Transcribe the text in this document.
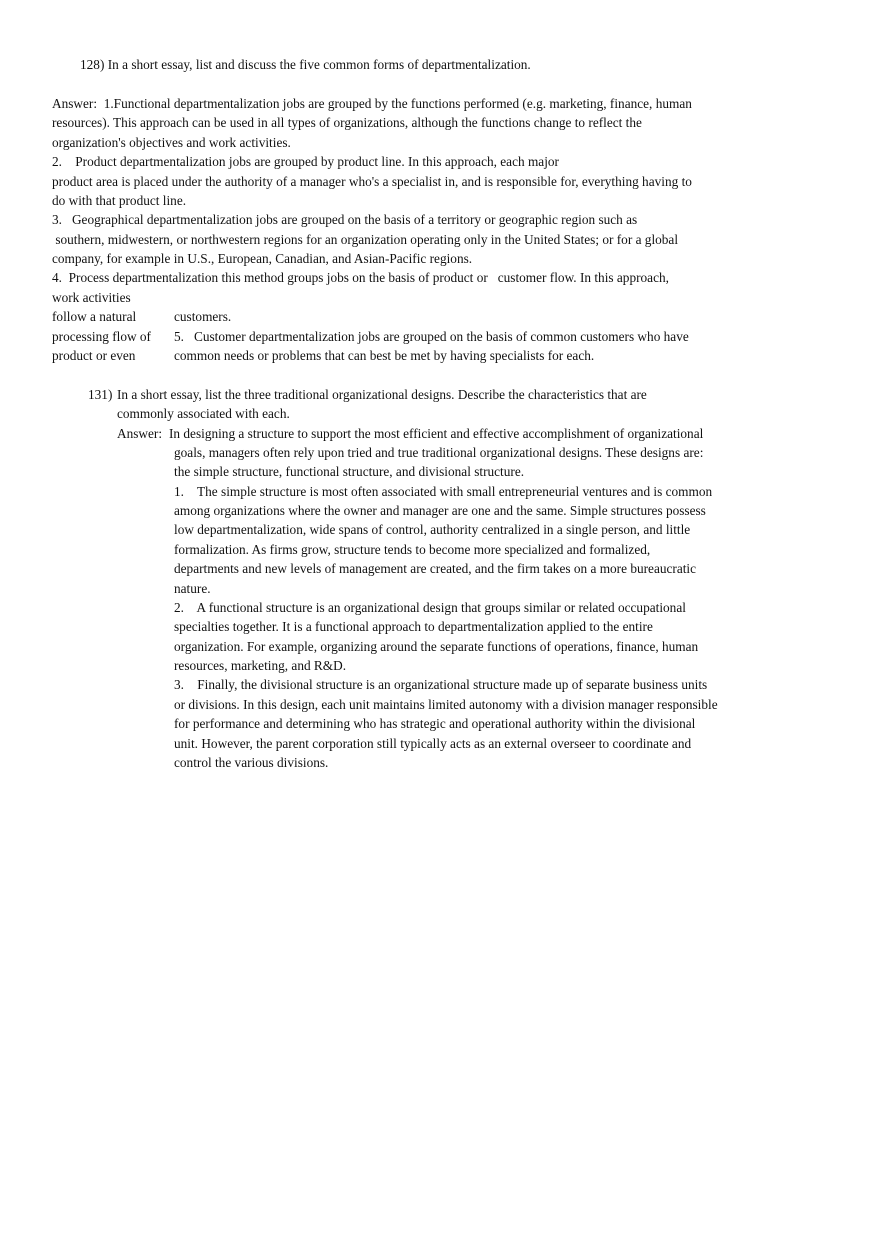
128) In a short essay, list and discuss the five common forms of departmentalization.
Answer:  1.Functional departmentalization jobs are grouped by the functions performed (e.g. marketing, finance, human
resources). This approach can be used in all types of organizations, although the functions change to reflect the
organization's objectives and work activities.
2.    Product departmentalization jobs are grouped by product line. In this approach, each major
product area is placed under the authority of a manager who's a specialist in, and is responsible for, everything having to
do with that product line.
3.   Geographical departmentalization jobs are grouped on the basis of a territory or geographic region such as
southern, midwestern, or northwestern regions for an organization operating only in the United States; or for a global
company, for example in U.S., European, Canadian, and Asian-Pacific regions.
4.  Process departmentalization this method groups jobs on the basis of product or   customer flow. In this approach,
work activities
follow a natural
processing flow of
product or even
customers.
5.   Customer departmentalization jobs are grouped on the basis of common customers who have
common needs or problems that can best be met by having specialists for each.
131) In a short essay, list the three traditional organizational designs. Describe the characteristics that are
commonly associated with each.
Answer: In designing a structure to support the most efficient and effective accomplishment of organizational
goals, managers often rely upon tried and true traditional organizational designs. These designs are:
the simple structure, functional structure, and divisional structure.
1.    The simple structure is most often associated with small entrepreneurial ventures and is common
among organizations where the owner and manager are one and the same. Simple structures possess
low departmentalization, wide spans of control, authority centralized in a single person, and little
formalization. As firms grow, structure tends to become more specialized and formalized,
departments and new levels of management are created, and the firm takes on a more bureaucratic
nature.
2.    A functional structure is an organizational design that groups similar or related occupational
specialties together. It is a functional approach to departmentalization applied to the entire
organization. For example, organizing around the separate functions of operations, finance, human
resources, marketing, and R&D.
3.    Finally, the divisional structure is an organizational structure made up of separate business units
or divisions. In this design, each unit maintains limited autonomy with a division manager responsible
for performance and determining who has strategic and operational authority within the divisional
unit. However, the parent corporation still typically acts as an external overseer to coordinate and
control the various divisions.
